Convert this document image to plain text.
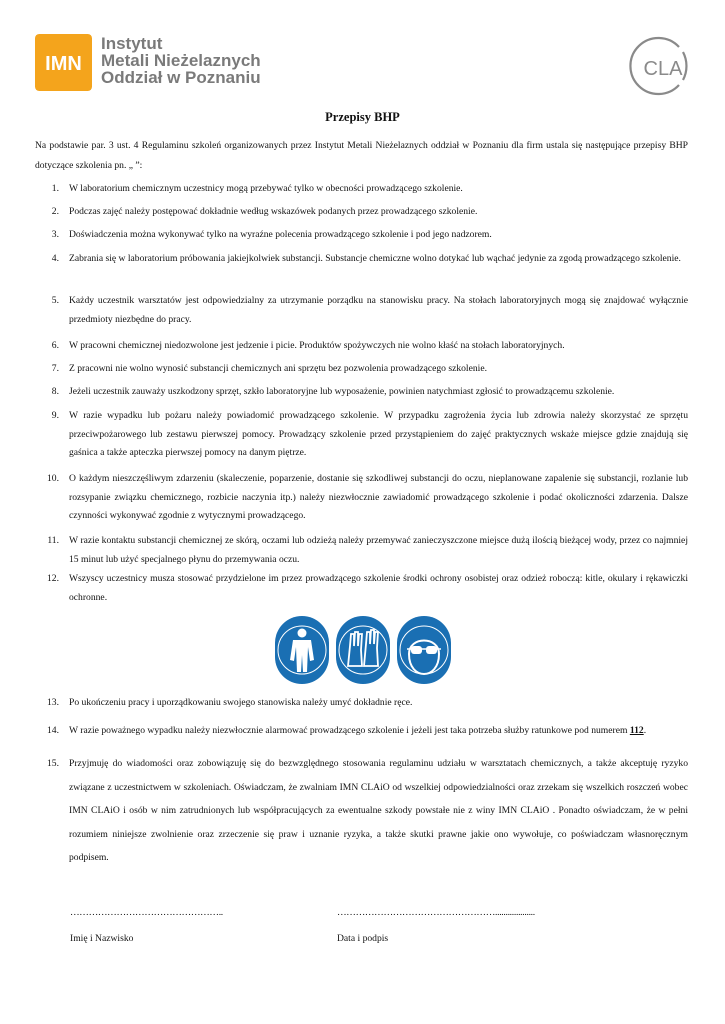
IMN
Instytut
Metali Nieżelaznych
Oddział w Poznaniu	CLA
Przepisy BHP
Na podstawie par. 3 ust. 4 Regulaminu szkoleń organizowanych przez Instytut Metali Nieżelaznych oddział w Poznaniu dla firm ustala się następujące przepisy BHP dotyczące szkolenia pn. „ ”:
1. W laboratorium chemicznym uczestnicy mogą przebywać tylko w obecności prowadzącego szkolenie.
2. Podczas zajęć należy postępować dokładnie według wskazówek podanych przez prowadzącego szkolenie.
3. Doświadczenia można wykonywać tylko na wyraźne polecenia prowadzącego szkolenie i pod jego nadzorem.
4. Zabrania się w laboratorium próbowania jakiejkolwiek substancji. Substancje chemiczne wolno dotykać lub wąchać jedynie za zgodą prowadzącego szkolenie.
5. Każdy uczestnik warsztatów jest odpowiedzialny za utrzymanie porządku na stanowisku pracy. Na stołach laboratoryjnych mogą się znajdować wyłącznie przedmioty niezbędne do pracy.
6. W pracowni chemicznej niedozwolone jest jedzenie i picie. Produktów spożywczych nie wolno kłaść na stołach laboratoryjnych.
7. Z pracowni nie wolno wynosić substancji chemicznych ani sprzętu bez pozwolenia prowadzącego szkolenie.
8. Jeżeli uczestnik zauważy uszkodzony sprzęt, szkło laboratoryjne lub wyposażenie, powinien natychmiast zgłosić to prowadzącemu szkolenie.
9. W razie wypadku lub pożaru należy powiadomić prowadzącego szkolenie. W przypadku zagrożenia życia lub zdrowia należy skorzystać ze sprzętu przeciwpożarowego lub zestawu pierwszej pomocy. Prowadzący szkolenie przed przystąpieniem do zajęć praktycznych wskaże miejsce gdzie znajdują się gaśnica a także apteczka pierwszej pomocy na danym piętrze.
10. O każdym nieszczęśliwym zdarzeniu (skaleczenie, poparzenie, dostanie się szkodliwej substancji do oczu, nieplanowane zapalenie się substancji, rozlanie lub rozsypanie związku chemicznego, rozbicie naczynia itp.) należy niezwłocznie zawiadomić prowadzącego szkolenie i podać okoliczności zdarzenia. Dalsze czynności wykonywać zgodnie z wytycznymi prowadzącego.
11. W razie kontaktu substancji chemicznej ze skórą, oczami lub odzieżą należy przemywać zanieczyszczone miejsce dużą ilością bieżącej wody, przez co najmniej 15 minut lub użyć specjalnego płynu do przemywania oczu.
12. Wszyscy uczestnicy musza stosować przydzielone im przez prowadzącego szkolenie środki ochrony osobistej oraz odzież roboczą: kitle, okulary i rękawiczki ochronne.
13. Po ukończeniu pracy i uporządkowaniu swojego stanowiska należy umyć dokładnie ręce.
14. W razie poważnego wypadku należy niezwłocznie alarmować prowadzącego szkolenie i jeżeli jest taka potrzeba służby ratunkowe pod numerem 112.
15. Przyjmuję do wiadomości oraz zobowiązuję się do bezwzględnego stosowania regulaminu udziału w warsztatach chemicznych, a także akceptuję ryzyko związane z uczestnictwem w szkoleniach. Oświadczam, że zwalniam IMN CLAiO od wszelkiej odpowiedzialności oraz zrzekam się wszelkich roszczeń wobec IMN CLAiO i osób w nim zatrudnionych lub współpracujących za ewentualne szkody powstałe nie z winy IMN CLAiO . Ponadto oświadczam, że w pełni rozumiem niniejsze zwolnienie oraz zrzeczenie się praw i uznanie ryzyka, a także skutki prawne jakie ono wywołuje, co poświadczam własnoręcznym podpisem.
…………………………………………..
Imię i Nazwisko
……………………………………………...................
Data i podpis
